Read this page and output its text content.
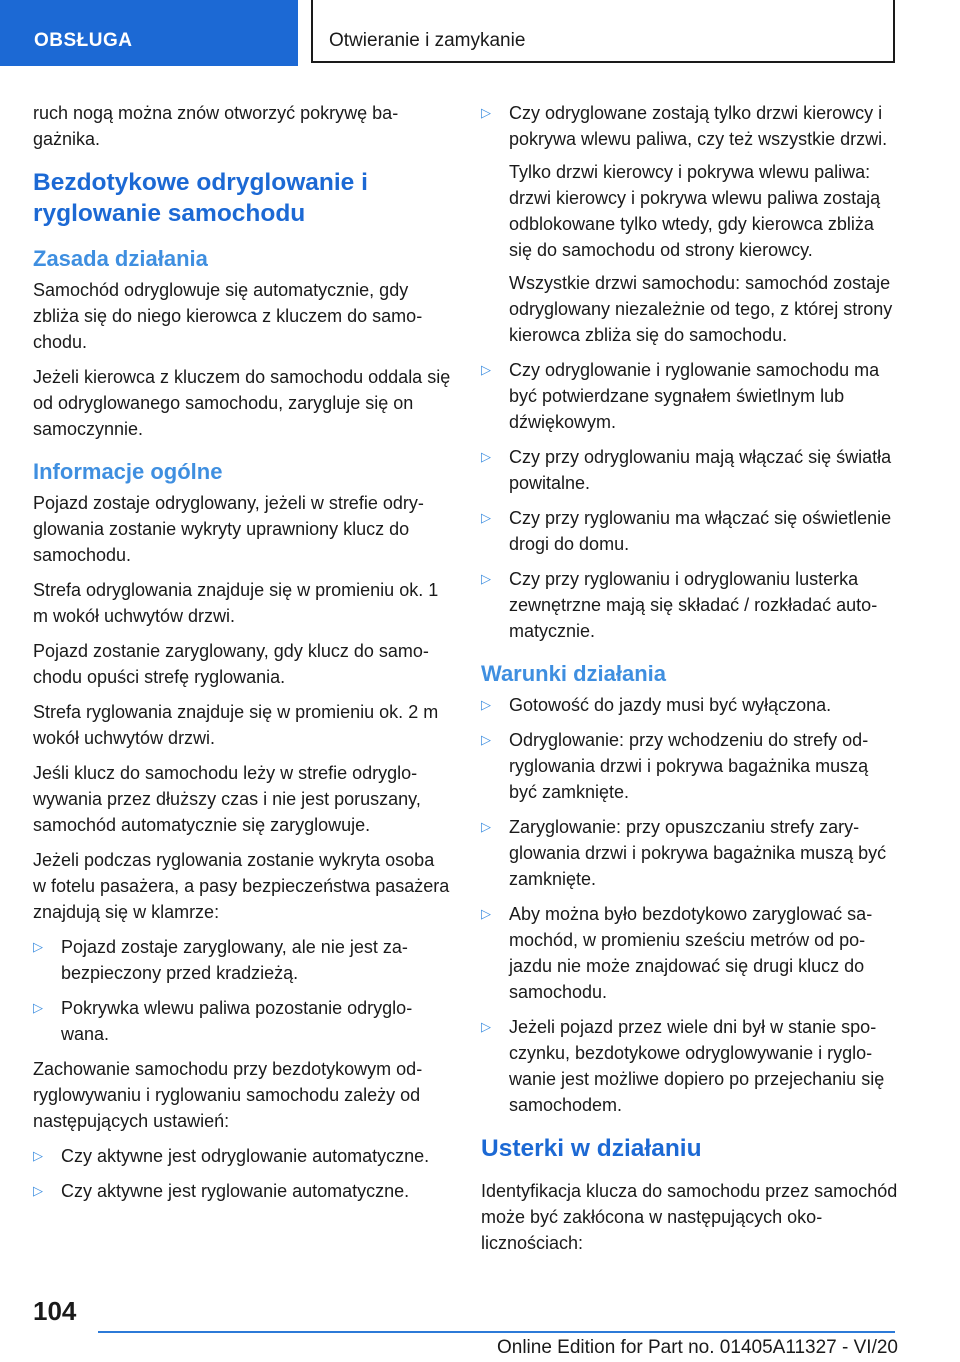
OBSŁUGA	Otwieranie i zamykanie

ruch nogą można znów otworzyć pokrywę bagażnika.

Bezdotykowe odryglowanie i ryglowanie samochodu
Zasada działania

Samochód odryglowuje się automatycznie, gdy zbliża się do niego kierowca z kluczem do samochodu.

Jeżeli kierowca z kluczem do samochodu oddala się od odryglowanego samochodu, zarygluje się on samoczynnie.

Informacje ogólne

Pojazd zostaje odryglowany, jeżeli w strefie odryglowania zostanie wykryty uprawniony klucz do samochodu.

Strefa odryglowania znajduje się w promieniu ok. 1 m wokół uchwytów drzwi.

Pojazd zostanie zaryglowany, gdy klucz do samochodu opuści strefę ryglowania.

Strefa ryglowania znajduje się w promieniu ok. 2 m wokół uchwytów drzwi.

Jeśli klucz do samochodu leży w strefie odryglowywania przez dłuższy czas i nie jest poruszany, samochód automatycznie się zaryglowuje.

Jeżeli podczas ryglowania zostanie wykryta osoba w fotelu pasażera, a pasy bezpieczeństwa pasażera znajdują się w klamrze:

▷ Pojazd zostaje zaryglowany, ale nie jest zabezpieczony przed kradzieżą.
▷ Pokrywka wlewu paliwa pozostanie odryglowana.

Zachowanie samochodu przy bezdotykowym odryglowywaniu i ryglowaniu samochodu zależy od następujących ustawień:

▷ Czy aktywne jest odryglowanie automatyczne.
▷ Czy aktywne jest ryglowanie automatyczne.
▷ Czy odryglowane zostają tylko drzwi kierowcy i pokrywa wlewu paliwa, czy też wszystkie drzwi.
Tylko drzwi kierowcy i pokrywa wlewu paliwa: drzwi kierowcy i pokrywa wlewu paliwa zostają odblokowane tylko wtedy, gdy kierowca zbliża się do samochodu od strony kierowcy.
Wszystkie drzwi samochodu: samochód zostaje odryglowany niezależnie od tego, z której strony kierowca zbliża się do samochodu.
▷ Czy odryglowanie i ryglowanie samochodu ma być potwierdzane sygnałem świetlnym lub dźwiękowym.
▷ Czy przy odryglowaniu mają włączać się światła powitalne.
▷ Czy przy ryglowaniu ma włączać się oświetlenie drogi do domu.
▷ Czy przy ryglowaniu i odryglowaniu lusterka zewnętrzne mają się składać / rozkładać automatycznie.
Warunki działania
▷ Gotowość do jazdy musi być wyłączona.
▷ Odryglowanie: przy wchodzeniu do strefy odryglowania drzwi i pokrywa bagażnika muszą być zamknięte.
▷ Zaryglowanie: przy opuszczaniu strefy zaryglowania drzwi i pokrywa bagażnika muszą być zamknięte.
▷ Aby można było bezdotykowo zaryglować samochód, w promieniu sześciu metrów od pojazdu nie może znajdować się drugi klucz do samochodu.
▷ Jeżeli pojazd przez wiele dni był w stanie spoczynku, bezdotykowe odryglowywanie i ryglowanie jest możliwe dopiero po przejechaniu się samochodem.
Usterki w działaniu

Identyfikacja klucza do samochodu przez samochód może być zakłócona w następujących okolicznościach:

104
Online Edition for Part no. 01405A11327 - VI/20
